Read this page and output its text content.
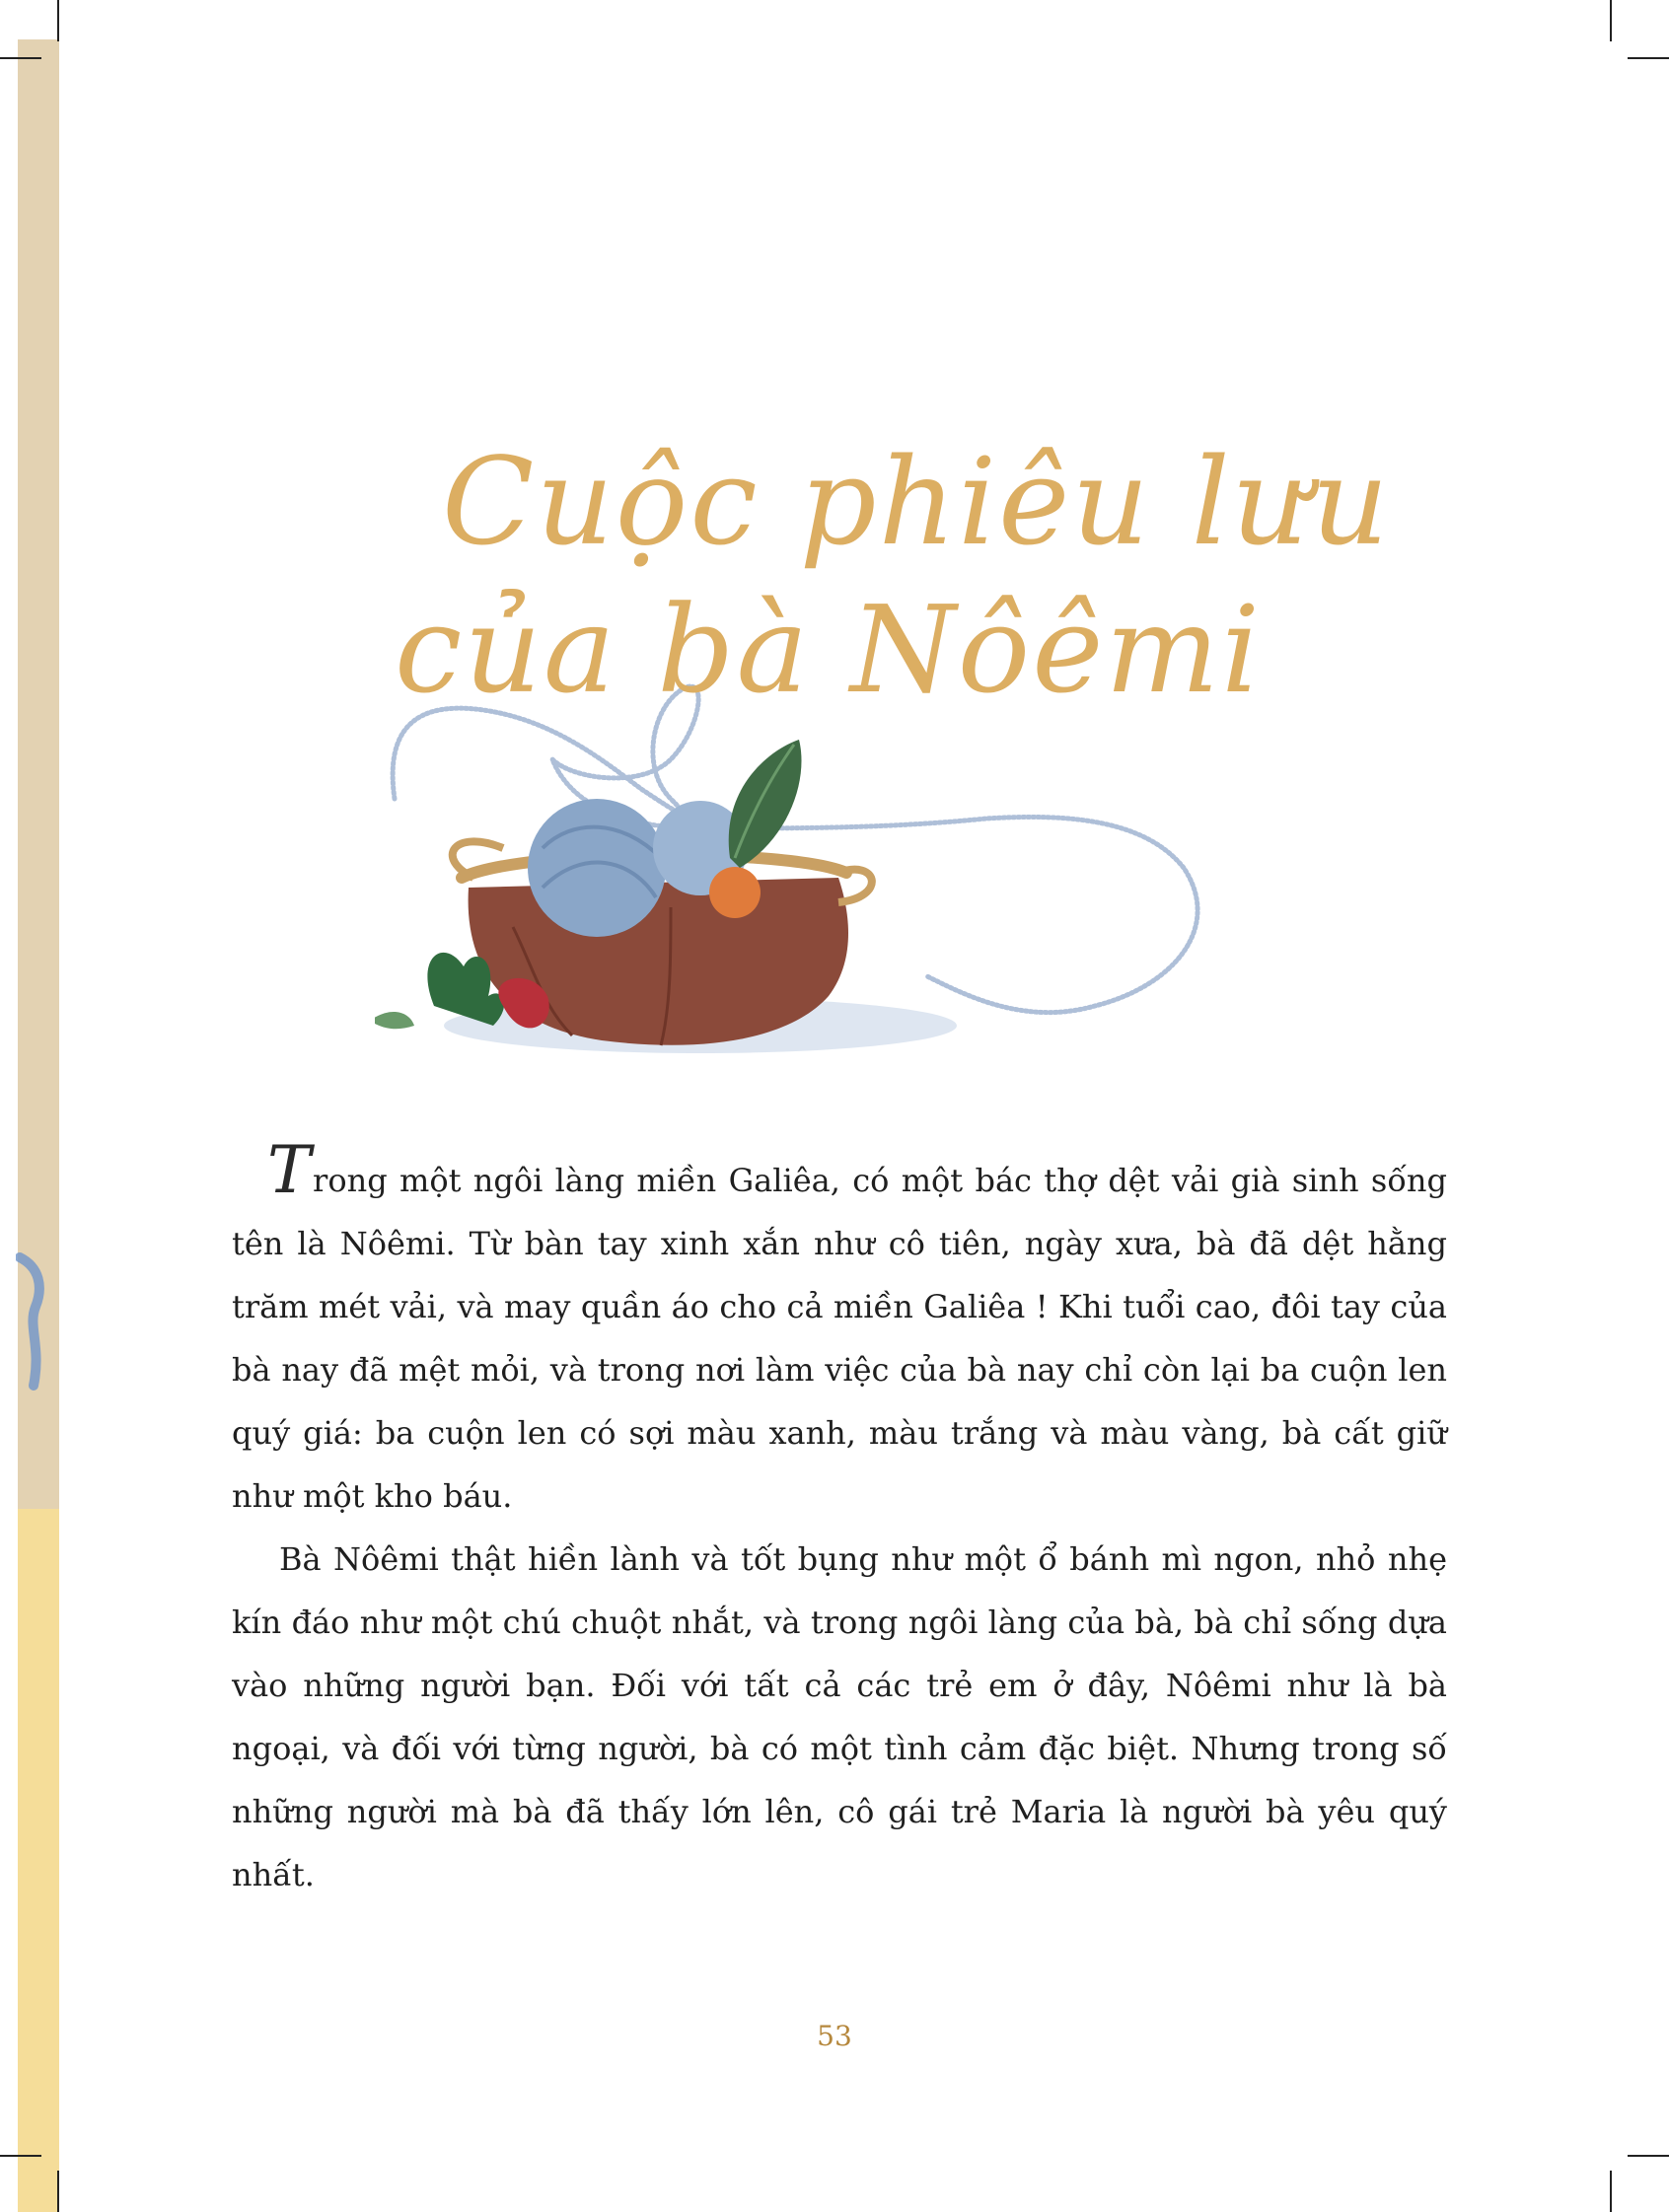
Cuộc phiêu lưu
của bà Nôêmi

Trong một ngôi làng miền Galiêa, có một bác thợ dệt vải già sinh sống tên là Nôêmi. Từ bàn tay xinh xắn như cô tiên, ngày xưa, bà đã dệt hằng trăm mét vải, và may quần áo cho cả miền Galiêa ! Khi tuổi cao, đôi tay của bà nay đã mệt mỏi, và trong nơi làm việc của bà nay chỉ còn lại ba cuộn len quý giá: ba cuộn len có sợi màu xanh, màu trắng và màu vàng, bà cất giữ như một kho báu.

Bà Nôêmi thật hiền lành và tốt bụng như một ổ bánh mì ngon, nhỏ nhẹ kín đáo như một chú chuột nhắt, và trong ngôi làng của bà, bà chỉ sống dựa vào những người bạn. Đối với tất cả các trẻ em ở đây, Nôêmi như là bà ngoại, và đối với từng người, bà có một tình cảm đặc biệt. Nhưng trong số những người mà bà đã thấy lớn lên, cô gái trẻ Maria là người bà yêu quý nhất.

53
